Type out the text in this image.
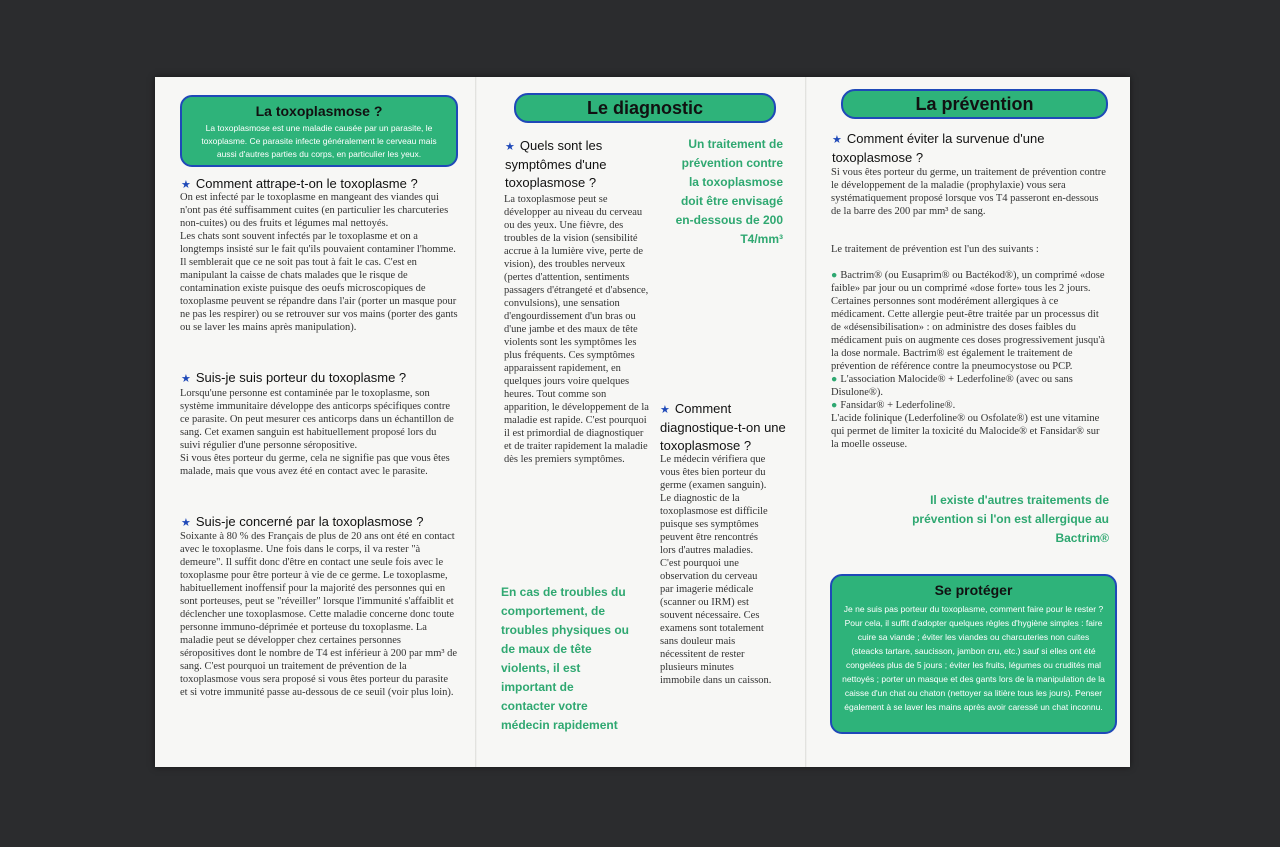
La toxoplasmose ?
La toxoplasmose est une maladie causée par un parasite, le toxoplasme. Ce parasite infecte généralement le cerveau mais aussi d'autres parties du corps, en particulier les yeux.
★ Comment attrape-t-on le toxoplasme ?
On est infecté par le toxoplasme en mangeant des viandes qui n'ont pas été suffisamment cuites (en particulier les charcuteries non-cuites) ou des fruits et légumes mal nettoyés.
Les chats sont souvent infectés par le toxoplasme et on a longtemps insisté sur le fait qu'ils pouvaient contaminer l'homme. Il semblerait que ce ne soit pas tout à fait le cas. C'est en manipulant la caisse de chats malades que le risque de contamination existe puisque des oeufs microscopiques de toxoplasme peuvent se répandre dans l'air (porter un masque pour ne pas les respirer) ou se retrouver sur vos mains (porter des gants ou se laver les mains après manipulation).
★ Suis-je suis porteur du toxoplasme ?
Lorsqu'une personne est contaminée par le toxoplasme, son système immunitaire développe des anticorps spécifiques contre ce parasite. On peut mesurer ces anticorps dans un échantillon de sang. Cet examen sanguin est habituellement proposé lors du suivi régulier d'une personne séropositive.
Si vous êtes porteur du germe, cela ne signifie pas que vous êtes malade, mais que vous avez été en contact avec le parasite.
★ Suis-je concerné par la toxoplasmose ?
Soixante à 80 % des Français de plus de 20 ans ont été en contact avec le toxoplasme. Une fois dans le corps, il va rester "à demeure". Il suffit donc d'être en contact une seule fois avec le toxoplasme pour être porteur à vie de ce germe. Le toxoplasme, habituellement inoffensif pour la majorité des personnes qui en sont porteuses, peut se "réveiller" lorsque l'immunité s'affaiblit et déclencher une toxoplasmose. Cette maladie concerne donc toute personne immuno-déprimée et porteuse du toxoplasme. La maladie peut se développer chez certaines personnes séropositives dont le nombre de T4 est inférieur à 200 par mm³ de sang. C'est pourquoi un traitement de prévention de la toxoplasmose vous sera proposé si vous êtes porteur du parasite et si votre immunité passe au-dessous de ce seuil (voir plus loin).
Le diagnostic
★ Quels sont les symptômes d'une toxoplasmose ?
La toxoplasmose peut se développer au niveau du cerveau ou des yeux. Une fièvre, des troubles de la vision (sensibilité accrue à la lumière vive, perte de vision), des troubles nerveux (pertes d'attention, sentiments passagers d'étrangeté et d'absence, convulsions), une sensation d'engourdissement d'un bras ou d'une jambe et des maux de tête violents sont les symptômes les plus fréquents. Ces symptômes apparaissent rapidement, en quelques jours voire quelques heures. Tout comme son apparition, le développement de la maladie est rapide. C'est pourquoi il est primordial de diagnostiquer et de traiter rapidement la maladie dès les premiers symptômes.
Un traitement de prévention contre la toxoplasmose doit être envisagé en-dessous de 200 T4/mm³
★ Comment diagnostique-t-on une toxoplasmose ?
Le médecin vérifiera que vous êtes bien porteur du germe (examen sanguin). Le diagnostic de la toxoplasmose est difficile puisque ses symptômes peuvent être rencontrés lors d'autres maladies. C'est pourquoi une observation du cerveau par imagerie médicale (scanner ou IRM) est souvent nécessaire. Ces examens sont totalement sans douleur mais nécessitent de rester plusieurs minutes immobile dans un caisson.
En cas de troubles du comportement, de troubles physiques ou de maux de tête violents, il est important de contacter votre médecin rapidement
La prévention
★ Comment éviter la survenue d'une toxoplasmose ?
Si vous êtes porteur du germe, un traitement de prévention contre le développement de la maladie (prophylaxie) vous sera systématiquement proposé lorsque vos T4 passeront en-dessous de la barre des 200 par mm³ de sang.
Le traitement de prévention est l'un des suivants :
● Bactrim® (ou Eusaprim® ou Bactékod®), un comprimé «dose faible» par jour ou un comprimé «dose forte» tous les 2 jours.
Certaines personnes sont modérément allergiques à ce médicament. Cette allergie peut-être traitée par un processus dit de «désensibilisation» : on administre des doses faibles du médicament puis on augmente ces doses progressivement jusqu'à la dose normale. Bactrim® est également le traitement de prévention de référence contre la pneumocystose ou PCP.
● L'association Malocide® + Lederfoline® (avec ou sans Disulone®).
● Fansidar® + Lederfoline®.
L'acide folinique (Lederfoline® ou Osfolate®) est une vitamine qui permet de limiter la toxicité du Malocide® et Fansidar® sur la moelle osseuse.
Il existe d'autres traitements de prévention si l'on est allergique au Bactrim®
Se protéger
Je ne suis pas porteur du toxoplasme, comment faire pour le rester ? Pour cela, il suffit d'adopter quelques règles d'hygiène simples : faire cuire sa viande ; éviter les viandes ou charcuteries non cuites (steacks tartare, saucisson, jambon cru, etc.) sauf si elles ont été congelées plus de 5 jours ; éviter les fruits, légumes ou crudités mal nettoyés ; porter un masque et des gants lors de la manipulation de la caisse d'un chat ou chaton (nettoyer sa litière tous les jours). Penser également à se laver les mains après avoir caressé un chat inconnu.
